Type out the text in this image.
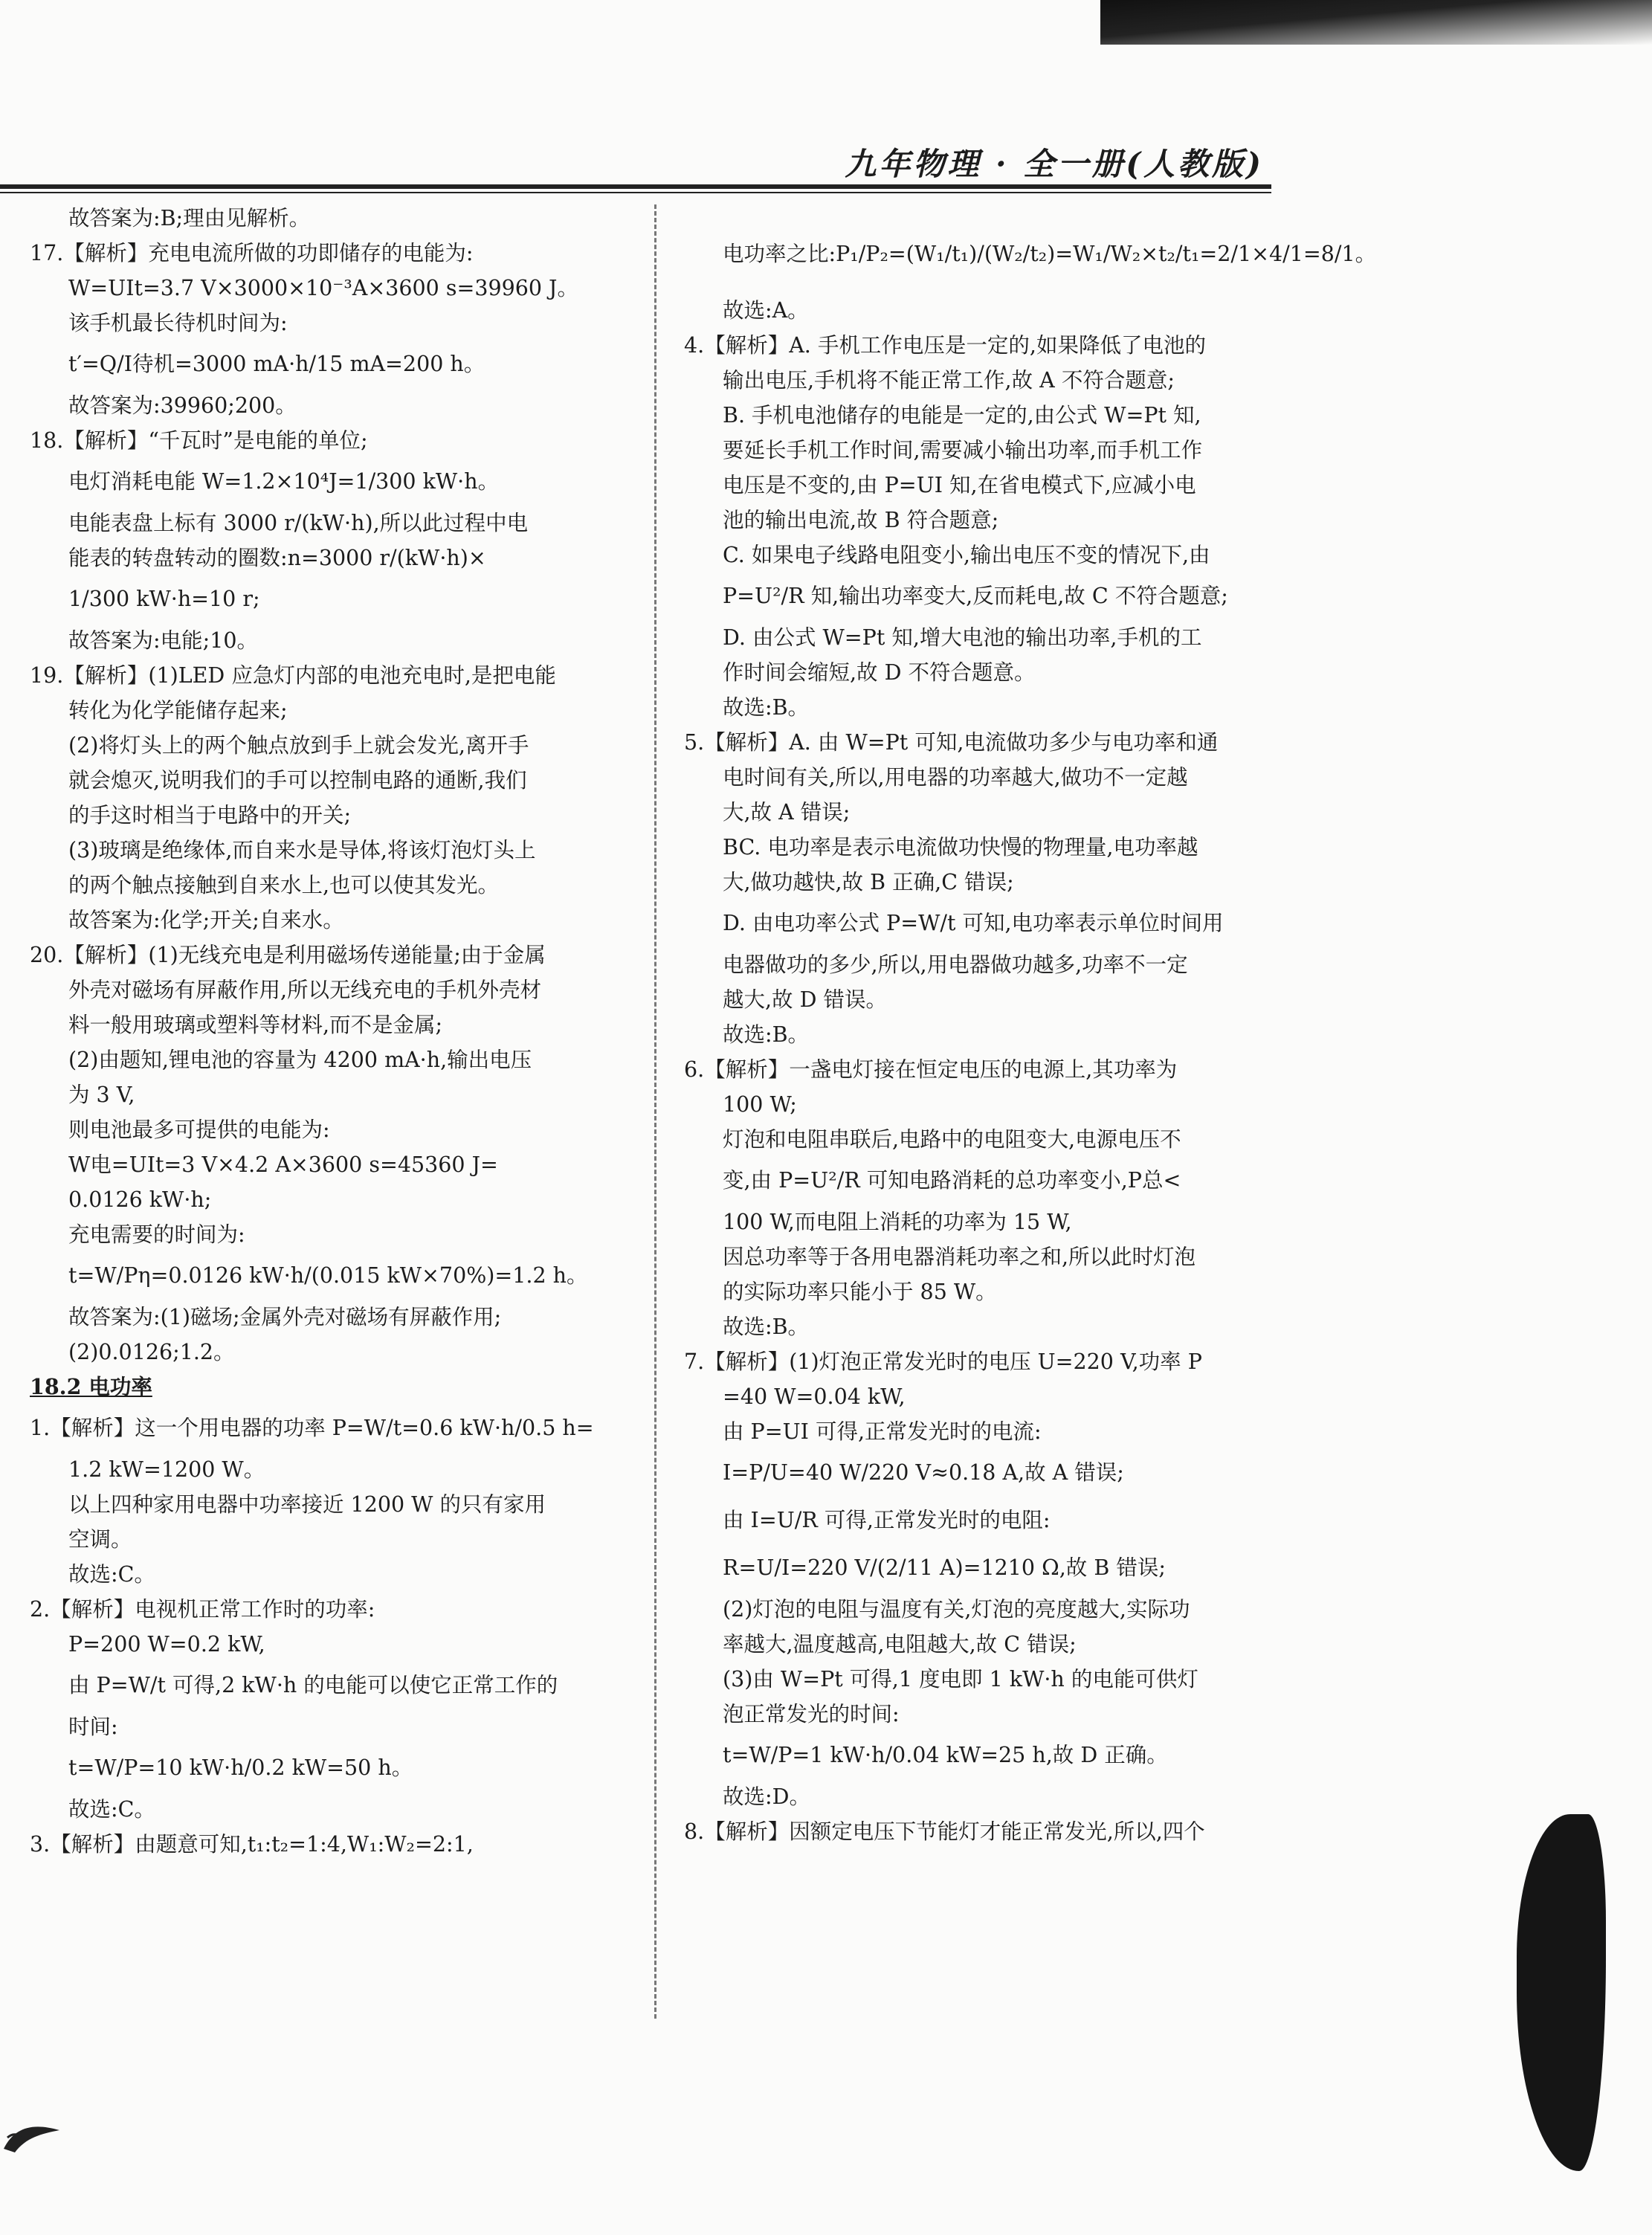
九年物理 · 全一册(人教版)

故答案为:B;理由见解析。

17.【解析】充电电流所做的功即储存的电能为:

W=UIt=3.7 V×3000×10⁻³A×3600 s=39960 J。

该手机最长待机时间为:

t′=Q/I待机=3000 mA·h/15 mA=200 h。

故答案为:39960;200。

18.【解析】“千瓦时”是电能的单位;

电灯消耗电能 W=1.2×10⁴J=1/300 kW·h。

电能表盘上标有 3000 r/(kW·h),所以此过程中电

能表的转盘转动的圈数:n=3000 r/(kW·h)×

1/300 kW·h=10 r;

故答案为:电能;10。

19.【解析】(1)LED 应急灯内部的电池充电时,是把电能

转化为化学能储存起来;

(2)将灯头上的两个触点放到手上就会发光,离开手

就会熄灭,说明我们的手可以控制电路的通断,我们

的手这时相当于电路中的开关;

(3)玻璃是绝缘体,而自来水是导体,将该灯泡灯头上

的两个触点接触到自来水上,也可以使其发光。

故答案为:化学;开关;自来水。

20.【解析】(1)无线充电是利用磁场传递能量;由于金属

外壳对磁场有屏蔽作用,所以无线充电的手机外壳材

料一般用玻璃或塑料等材料,而不是金属;

(2)由题知,锂电池的容量为 4200 mA·h,输出电压

为 3 V,

则电池最多可提供的电能为:

W电=UIt=3 V×4.2 A×3600 s=45360 J=

0.0126 kW·h;

充电需要的时间为:

t=W/Pη=0.0126 kW·h/(0.015 kW×70%)=1.2 h。

故答案为:(1)磁场;金属外壳对磁场有屏蔽作用;

(2)0.0126;1.2。

18.2 电功率

1.【解析】这一个用电器的功率 P=W/t=0.6 kW·h/0.5 h=

1.2 kW=1200 W。

以上四种家用电器中功率接近 1200 W 的只有家用

空调。

故选:C。

2.【解析】电视机正常工作时的功率:

P=200 W=0.2 kW,

由 P=W/t 可得,2 kW·h 的电能可以使它正常工作的

时间:

t=W/P=10 kW·h/0.2 kW=50 h。

故选:C。

3.【解析】由题意可知,t₁:t₂=1:4,W₁:W₂=2:1,

电功率之比:P₁/P₂=(W₁/t₁)/(W₂/t₂)=W₁/W₂×t₂/t₁=2/1×4/1=8/1。

故选:A。

4.【解析】A. 手机工作电压是一定的,如果降低了电池的

输出电压,手机将不能正常工作,故 A 不符合题意;

B. 手机电池储存的电能是一定的,由公式 W=Pt 知,

要延长手机工作时间,需要减小输出功率,而手机工作

电压是不变的,由 P=UI 知,在省电模式下,应减小电

池的输出电流,故 B 符合题意;

C. 如果电子线路电阻变小,输出电压不变的情况下,由

P=U²/R 知,输出功率变大,反而耗电,故 C 不符合题意;

D. 由公式 W=Pt 知,增大电池的输出功率,手机的工

作时间会缩短,故 D 不符合题意。

故选:B。

5.【解析】A. 由 W=Pt 可知,电流做功多少与电功率和通

电时间有关,所以,用电器的功率越大,做功不一定越

大,故 A 错误;

BC. 电功率是表示电流做功快慢的物理量,电功率越

大,做功越快,故 B 正确,C 错误;

D. 由电功率公式 P=W/t 可知,电功率表示单位时间用

电器做功的多少,所以,用电器做功越多,功率不一定

越大,故 D 错误。

故选:B。

6.【解析】一盏电灯接在恒定电压的电源上,其功率为

100 W;

灯泡和电阻串联后,电路中的电阻变大,电源电压不

变,由 P=U²/R 可知电路消耗的总功率变小,P总<

100 W,而电阻上消耗的功率为 15 W,

因总功率等于各用电器消耗功率之和,所以此时灯泡

的实际功率只能小于 85 W。

故选:B。

7.【解析】(1)灯泡正常发光时的电压 U=220 V,功率 P

=40 W=0.04 kW,

由 P=UI 可得,正常发光时的电流:

I=P/U=40 W/220 V≈0.18 A,故 A 错误;

由 I=U/R 可得,正常发光时的电阻:

R=U/I=220 V/(2/11 A)=1210 Ω,故 B 错误;

(2)灯泡的电阻与温度有关,灯泡的亮度越大,实际功

率越大,温度越高,电阻越大,故 C 错误;

(3)由 W=Pt 可得,1 度电即 1 kW·h 的电能可供灯

泡正常发光的时间:

t=W/P=1 kW·h/0.04 kW=25 h,故 D 正确。

故选:D。

8.【解析】因额定电压下节能灯才能正常发光,所以,四个
